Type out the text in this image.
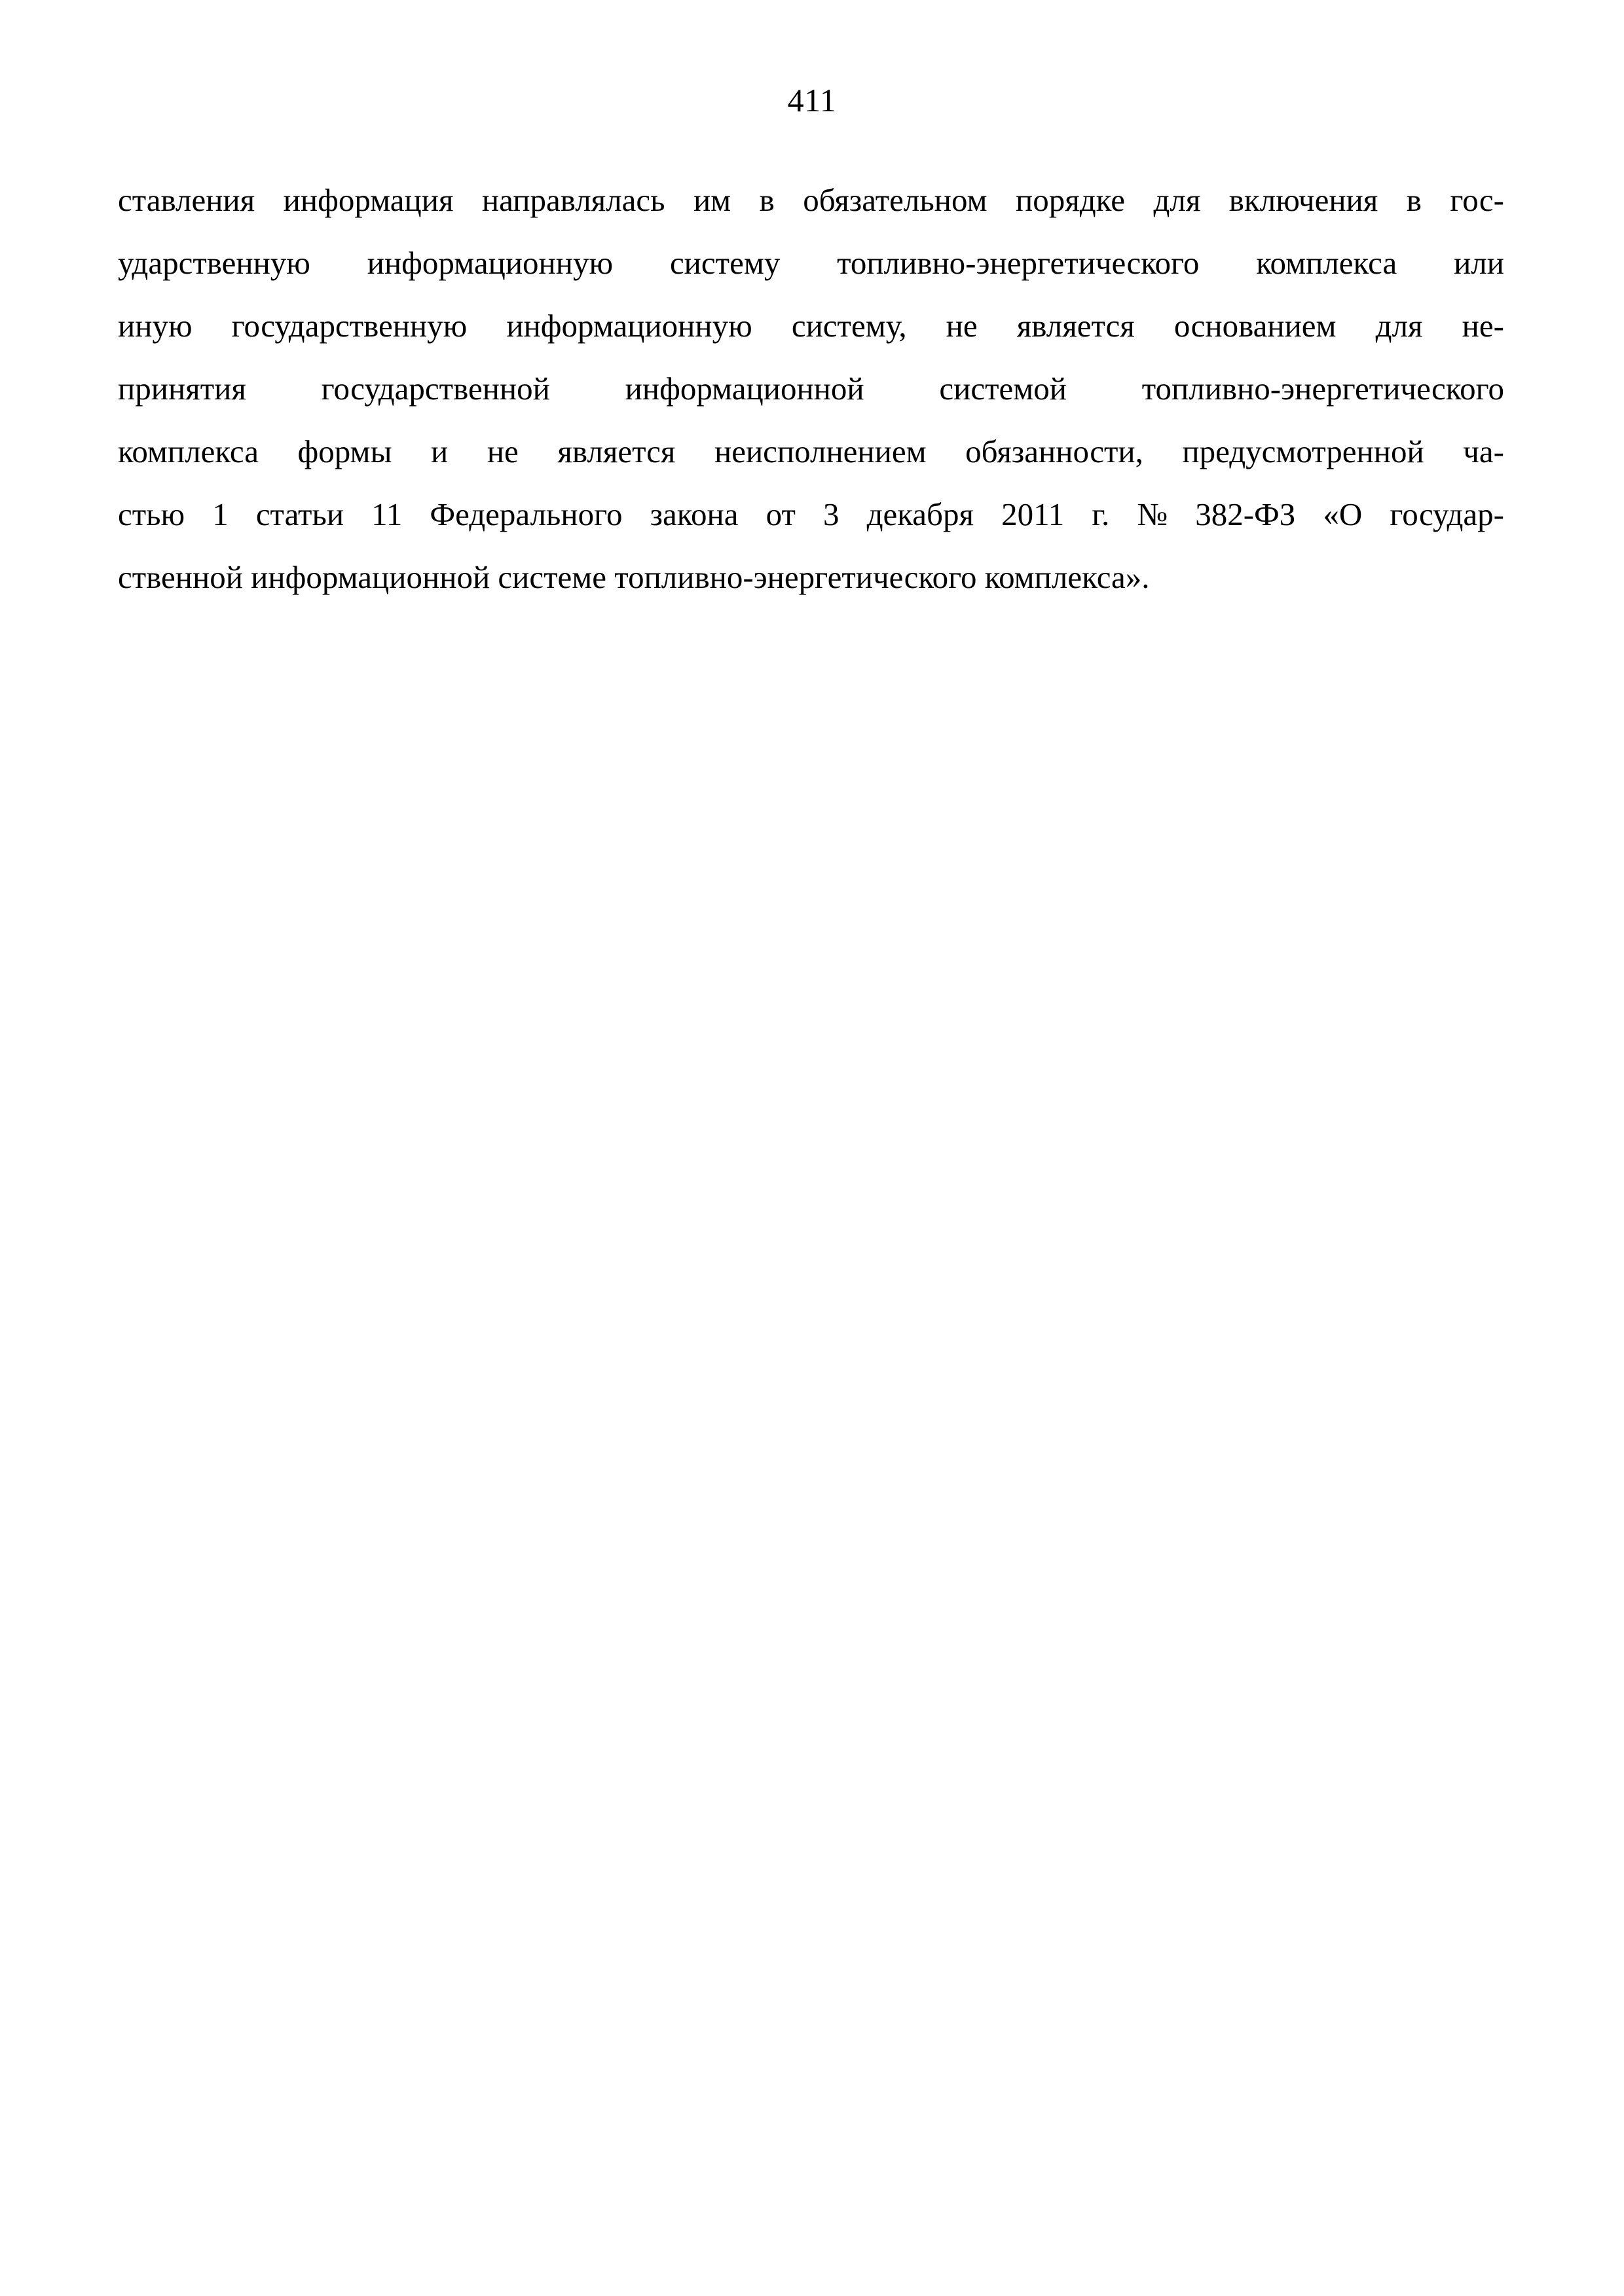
411
ставления информация направлялась им в обязательном порядке для включения в гос-
ударственную информационную систему топливно-энергетического комплекса или
иную государственную информационную систему, не является основанием для не-
принятия государственной информационной системой топливно-энергетического
комплекса формы и не является неисполнением обязанности, предусмотренной ча-
стью 1 статьи 11 Федерального закона от 3 декабря 2011 г. № 382-ФЗ «О государ-
ственной информационной системе топливно-энергетического комплекса».
